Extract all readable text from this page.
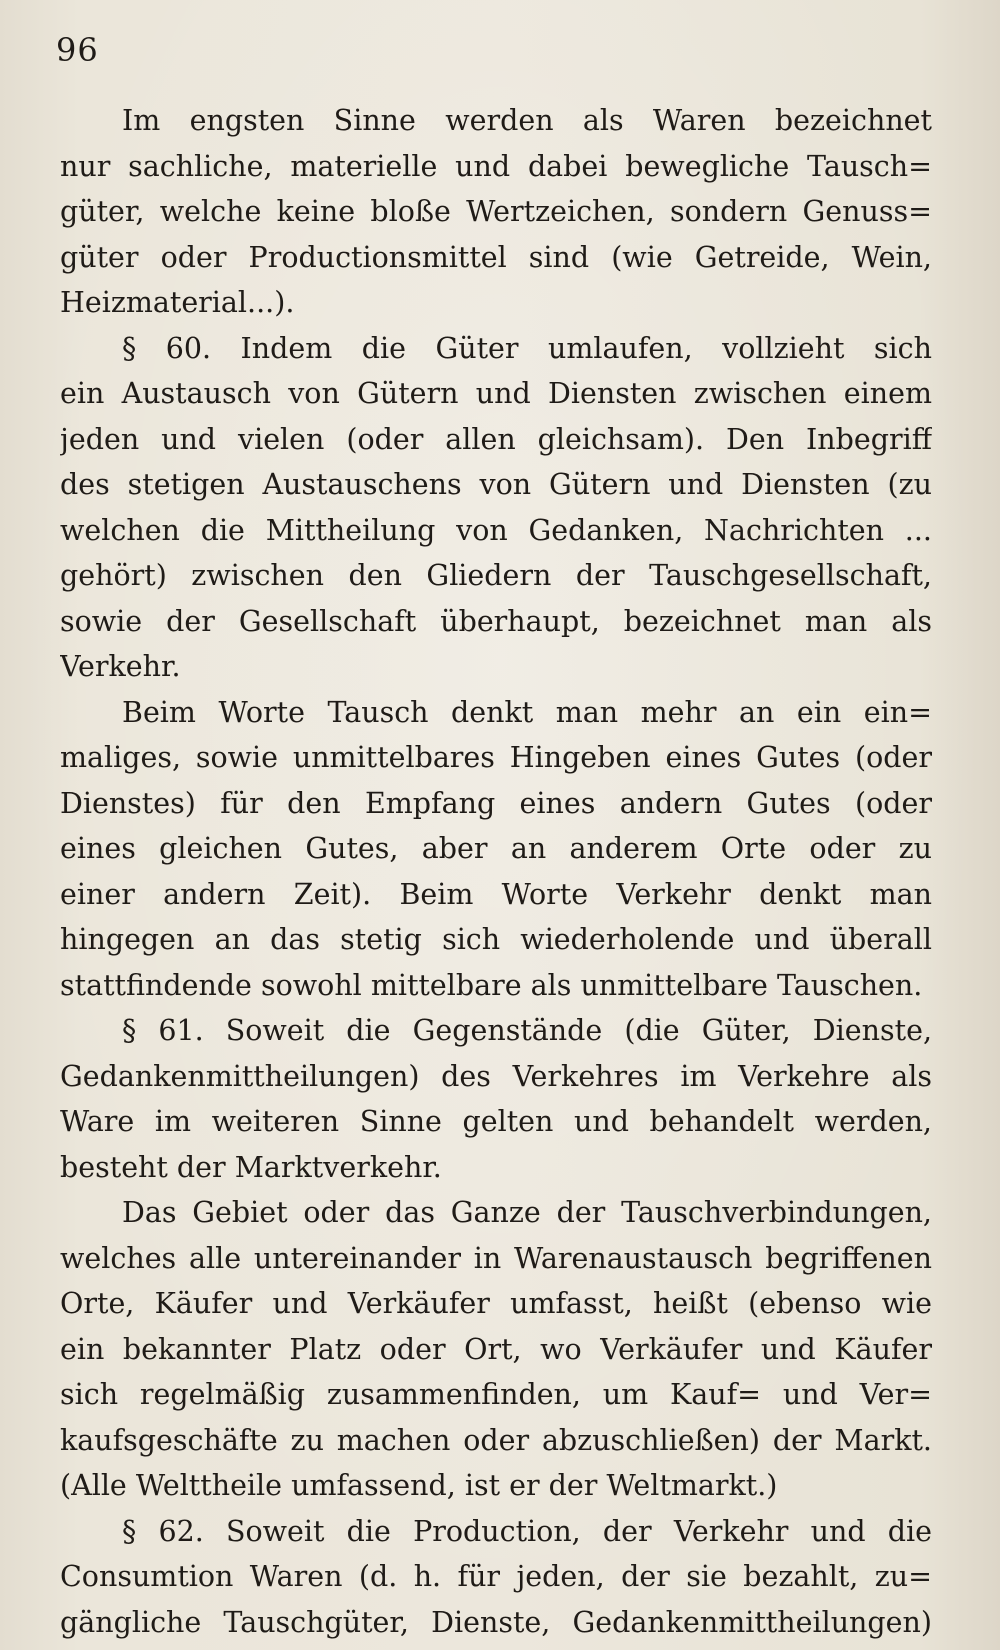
96
Im engsten Sinne werden als Waren bezeichnet
nur sachliche, materielle und dabei bewegliche Tausch=
güter, welche keine bloße Wertzeichen, sondern Genuss=
güter oder Productionsmittel sind (wie Getreide, Wein,
Heizmaterial...).
§ 60. Indem die Güter umlaufen, vollzieht sich
ein Austausch von Gütern und Diensten zwischen einem
jeden und vielen (oder allen gleichsam). Den Inbegriff
des stetigen Austauschens von Gütern und Diensten (zu
welchen die Mittheilung von Gedanken, Nachrichten ...
gehört) zwischen den Gliedern der Tauschgesellschaft,
sowie der Gesellschaft überhaupt, bezeichnet man als
Verkehr.
Beim Worte Tausch denkt man mehr an ein ein=
maliges, sowie unmittelbares Hingeben eines Gutes (oder
Dienstes) für den Empfang eines andern Gutes (oder
eines gleichen Gutes, aber an anderem Orte oder zu
einer andern Zeit). Beim Worte Verkehr denkt man
hingegen an das stetig sich wiederholende und überall
stattfindende sowohl mittelbare als unmittelbare Tauschen.
§ 61. Soweit die Gegenstände (die Güter, Dienste,
Gedankenmittheilungen) des Verkehres im Verkehre als
Ware im weiteren Sinne gelten und behandelt werden,
besteht der Marktverkehr.
Das Gebiet oder das Ganze der Tauschverbindungen,
welches alle untereinander in Warenaustausch begriffenen
Orte, Käufer und Verkäufer umfasst, heißt (ebenso wie
ein bekannter Platz oder Ort, wo Verkäufer und Käufer
sich regelmäßig zusammenfinden, um Kauf= und Ver=
kaufsgeschäfte zu machen oder abzuschließen) der Markt.
(Alle Welttheile umfassend, ist er der Weltmarkt.)
§ 62. Soweit die Production, der Verkehr und die
Consumtion Waren (d. h. für jeden, der sie bezahlt, zu=
gängliche Tauschgüter, Dienste, Gedankenmittheilungen)
